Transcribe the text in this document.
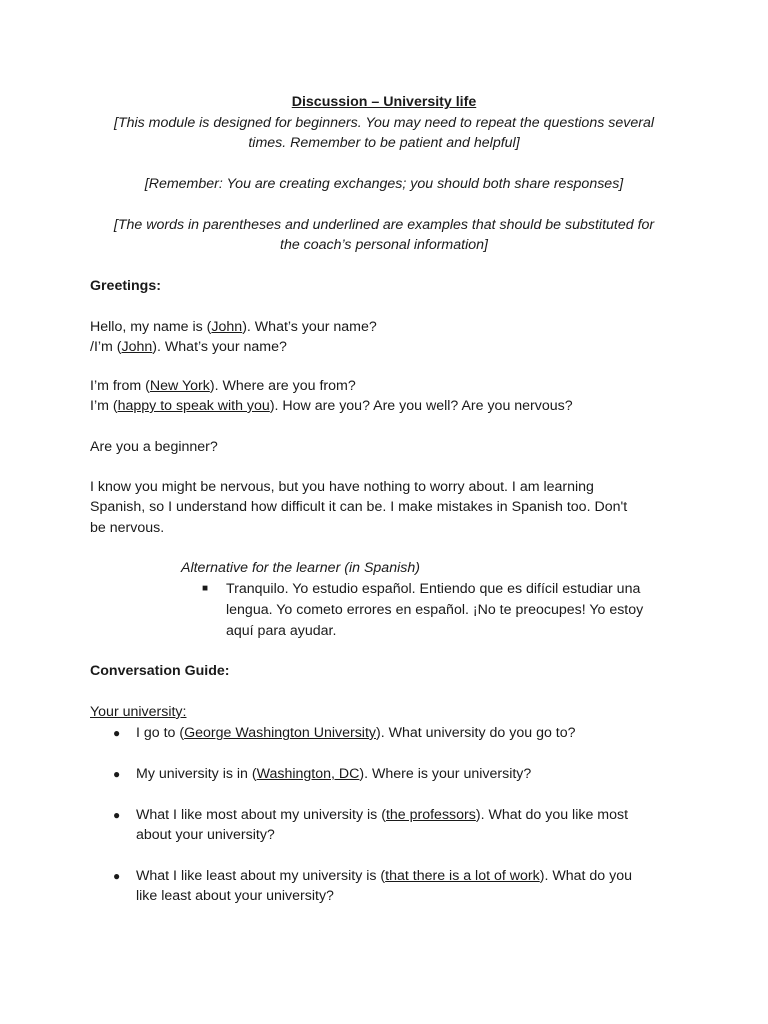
Discussion – University life
[This module is designed for beginners. You may need to repeat the questions several
times. Remember to be patient and helpful]
[Remember: You are creating exchanges; you should both share responses]
[The words in parentheses and underlined are examples that should be substituted for
the coach’s personal information]
Greetings:
Hello, my name is (John). What’s your name?
/I’m (John). What’s your name?
I’m from (New York). Where are you from?
I’m (happy to speak with you). How are you? Are you well? Are you nervous?
Are you a beginner?
I know you might be nervous, but you have nothing to worry about. I am learning
Spanish, so I understand how difficult it can be. I make mistakes in Spanish too. Don't
be nervous.
Alternative for the learner (in Spanish)
■ Tranquilo. Yo estudio español. Entiendo que es difícil estudiar una
lengua. Yo cometo errores en español. ¡No te preocupes! Yo estoy
aquí para ayudar.
Conversation Guide:
Your university:
● I go to (George Washington University). What university do you go to?
● My university is in (Washington, DC). Where is your university?
● What I like most about my university is (the professors). What do you like most
about your university?
● What I like least about my university is (that there is a lot of work). What do you
like least about your university?
